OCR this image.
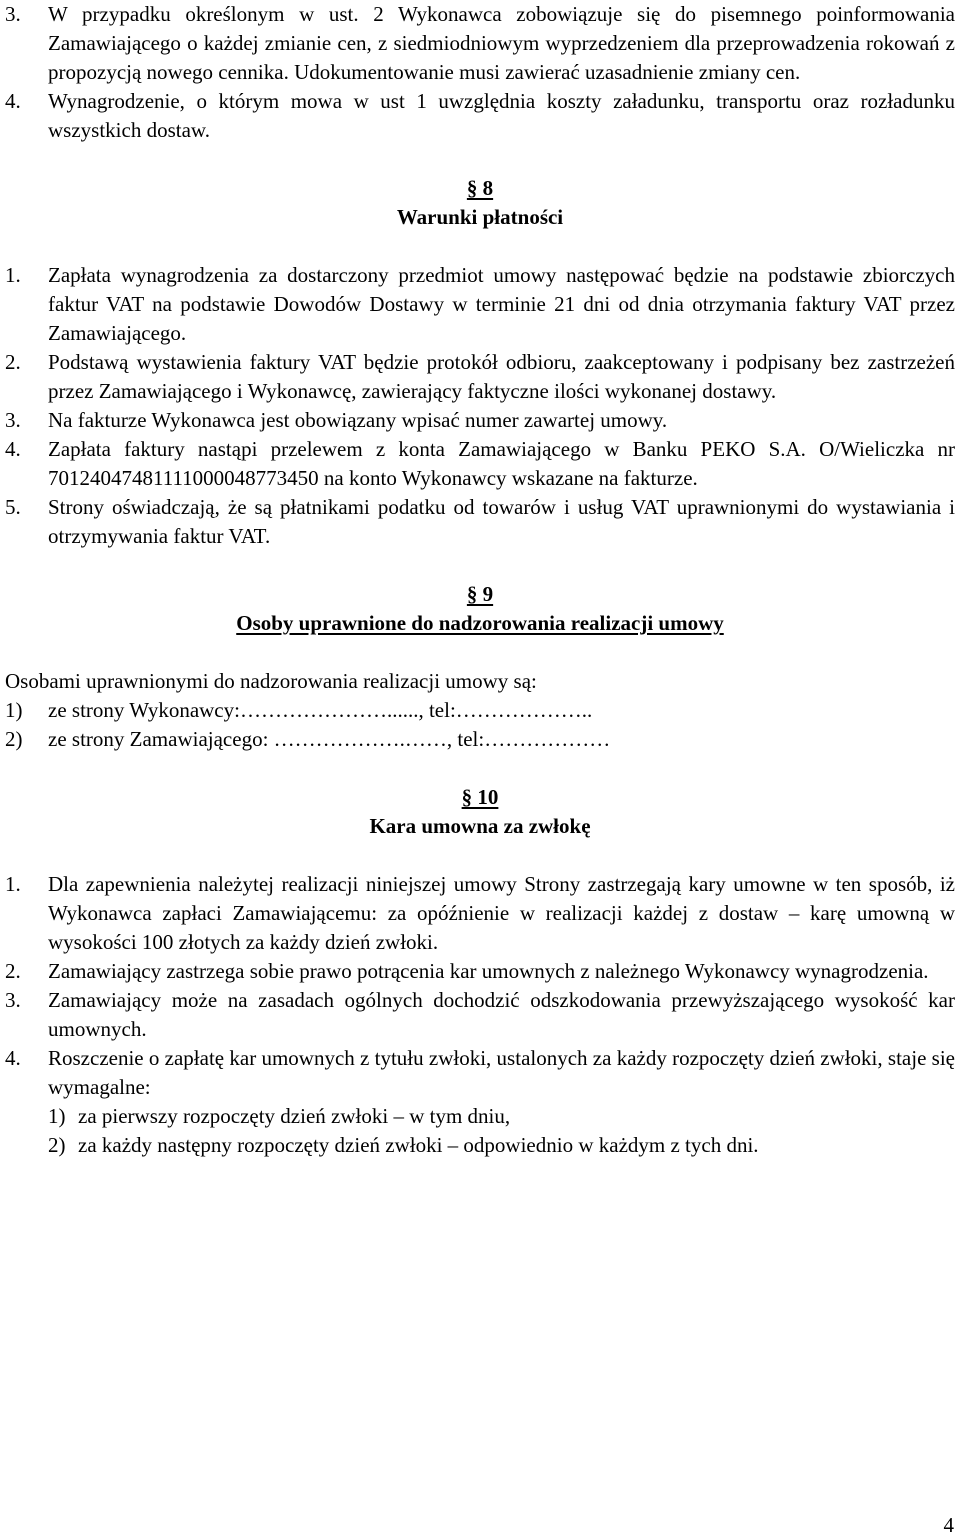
3. W przypadku określonym w ust. 2 Wykonawca zobowiązuje się do pisemnego poinformowania Zamawiającego o każdej zmianie cen, z siedmiodniowym wyprzedzeniem dla przeprowadzenia rokowań z propozycją nowego cennika. Udokumentowanie musi zawierać uzasadnienie zmiany cen.
4. Wynagrodzenie, o którym mowa w ust 1 uwzględnia koszty załadunku, transportu oraz rozładunku wszystkich dostaw.
§ 8
Warunki płatności
1. Zapłata wynagrodzenia za dostarczony przedmiot umowy następować będzie na podstawie zbiorczych faktur VAT na podstawie Dowodów Dostawy w terminie 21 dni od dnia otrzymania faktury VAT przez Zamawiającego.
2. Podstawą wystawienia faktury VAT będzie protokół odbioru, zaakceptowany i podpisany bez zastrzeżeń przez Zamawiającego i Wykonawcę, zawierający faktyczne ilości wykonanej dostawy.
3. Na fakturze Wykonawca jest obowiązany wpisać numer zawartej umowy.
4. Zapłata faktury nastąpi przelewem z konta Zamawiającego w Banku PEKO S.A. O/Wieliczka nr 70124047481111000048773450 na konto Wykonawcy wskazane na fakturze.
5. Strony oświadczają, że są płatnikami podatku od towarów i usług VAT uprawnionymi do wystawiania i otrzymywania faktur VAT.
§ 9
Osoby uprawnione do nadzorowania realizacji umowy
Osobami uprawnionymi do nadzorowania realizacji umowy są:
1) ze strony Wykonawcy:…………………......, tel:………………..
2) ze strony Zamawiającego: ……………….……, tel:………………
§ 10
Kara umowna za zwłokę
1. Dla zapewnienia należytej realizacji niniejszej umowy Strony zastrzegają kary umowne w ten sposób, iż Wykonawca zapłaci Zamawiającemu: za opóźnienie w realizacji każdej z dostaw – karę umowną w wysokości 100 złotych za każdy dzień zwłoki.
2. Zamawiający zastrzega sobie prawo potrącenia kar umownych z należnego Wykonawcy wynagrodzenia.
3. Zamawiający może na zasadach ogólnych dochodzić odszkodowania przewyższającego wysokość kar umownych.
4. Roszczenie o zapłatę kar umownych z tytułu zwłoki, ustalonych za każdy rozpoczęty dzień zwłoki, staje się wymagalne:
1) za pierwszy rozpoczęty dzień zwłoki – w tym dniu,
2) za każdy następny rozpoczęty dzień zwłoki – odpowiednio w każdym z tych dni.
4
